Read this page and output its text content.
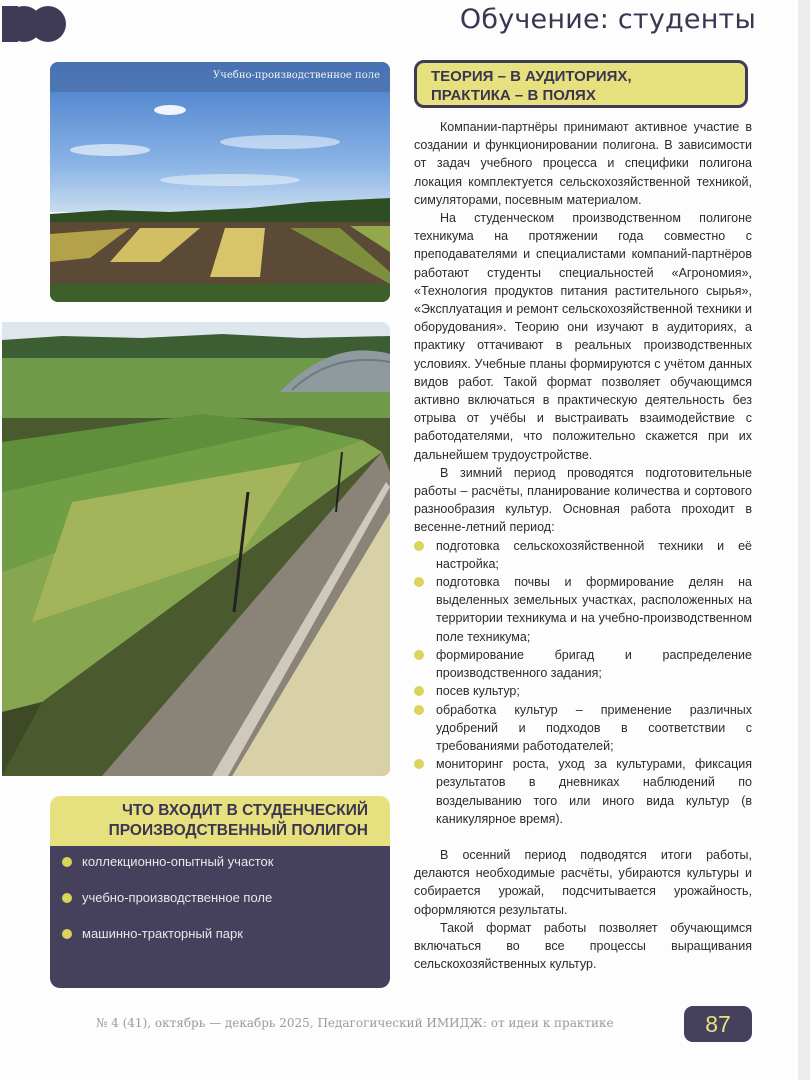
Обучение: студенты
Учебно-производственное поле	ТЕОРИЯ – В АУДИТОРИЯХ,
ПРАКТИКА – В ПОЛЯХ

Компании-партнёры принимают активное участие в создании и функционировании полигона. В зависимости от задач учебного процесса и специфики полигона локация комплектуется сельскохозяйственной техникой, симуляторами, посевным материалом.

На студенческом производственном полигоне техникума на протяжении года совместно с преподавателями и специалистами компаний-партнёров работают студенты специальностей «Агрономия», «Технология продуктов питания растительного сырья», «Эксплуатация и ремонт сельскохозяйственной техники и оборудования». Теорию они изучают в аудиториях, а практику оттачивают в реальных производственных условиях. Учебные планы формируются с учётом данных видов работ. Такой формат позволяет обучающимся активно включаться в практическую деятельность без отрыва от учёбы и выстраивать взаимодействие с работодателями, что положительно скажется при их дальнейшем трудоустройстве.

В зимний период проводятся подготовительные работы – расчёты, планирование количества и сортового разнообразия культур. Основная работа проходит в весенне-летний период:

подготовка сельскохозяйственной техники и её настройка;
подготовка почвы и формирование делян на выделенных земельных участках, расположенных на территории техникума и на учебно-производственном поле техникума;
формирование бригад и распределение производственного задания;
посев культур;
обработка культур – применение различных удобрений и подходов в соответствии с требованиями работодателей;
мониторинг роста, уход за культурами, фиксация результатов в дневниках наблюдений по возделыванию того или иного вида культур (в каникулярное время).

В осенний период подводятся итоги работы, делаются необходимые расчёты, убираются культуры и собирается урожай, подсчитывается урожайность, оформляются результаты.

Такой формат работы позволяет обучающимся включаться во все процессы выращивания сельскохозяйственных культур.

ЧТО ВХОДИТ В СТУДЕНЧЕСКИЙ
ПРОИЗВОДСТВЕННЫЙ ПОЛИГОН
коллекционно-опытный участок
учебно-производственное поле
машинно-тракторный парк
№ 4 (41), октябрь — декабрь 2025, Педагогический ИМИДЖ: от идеи к практике	87
